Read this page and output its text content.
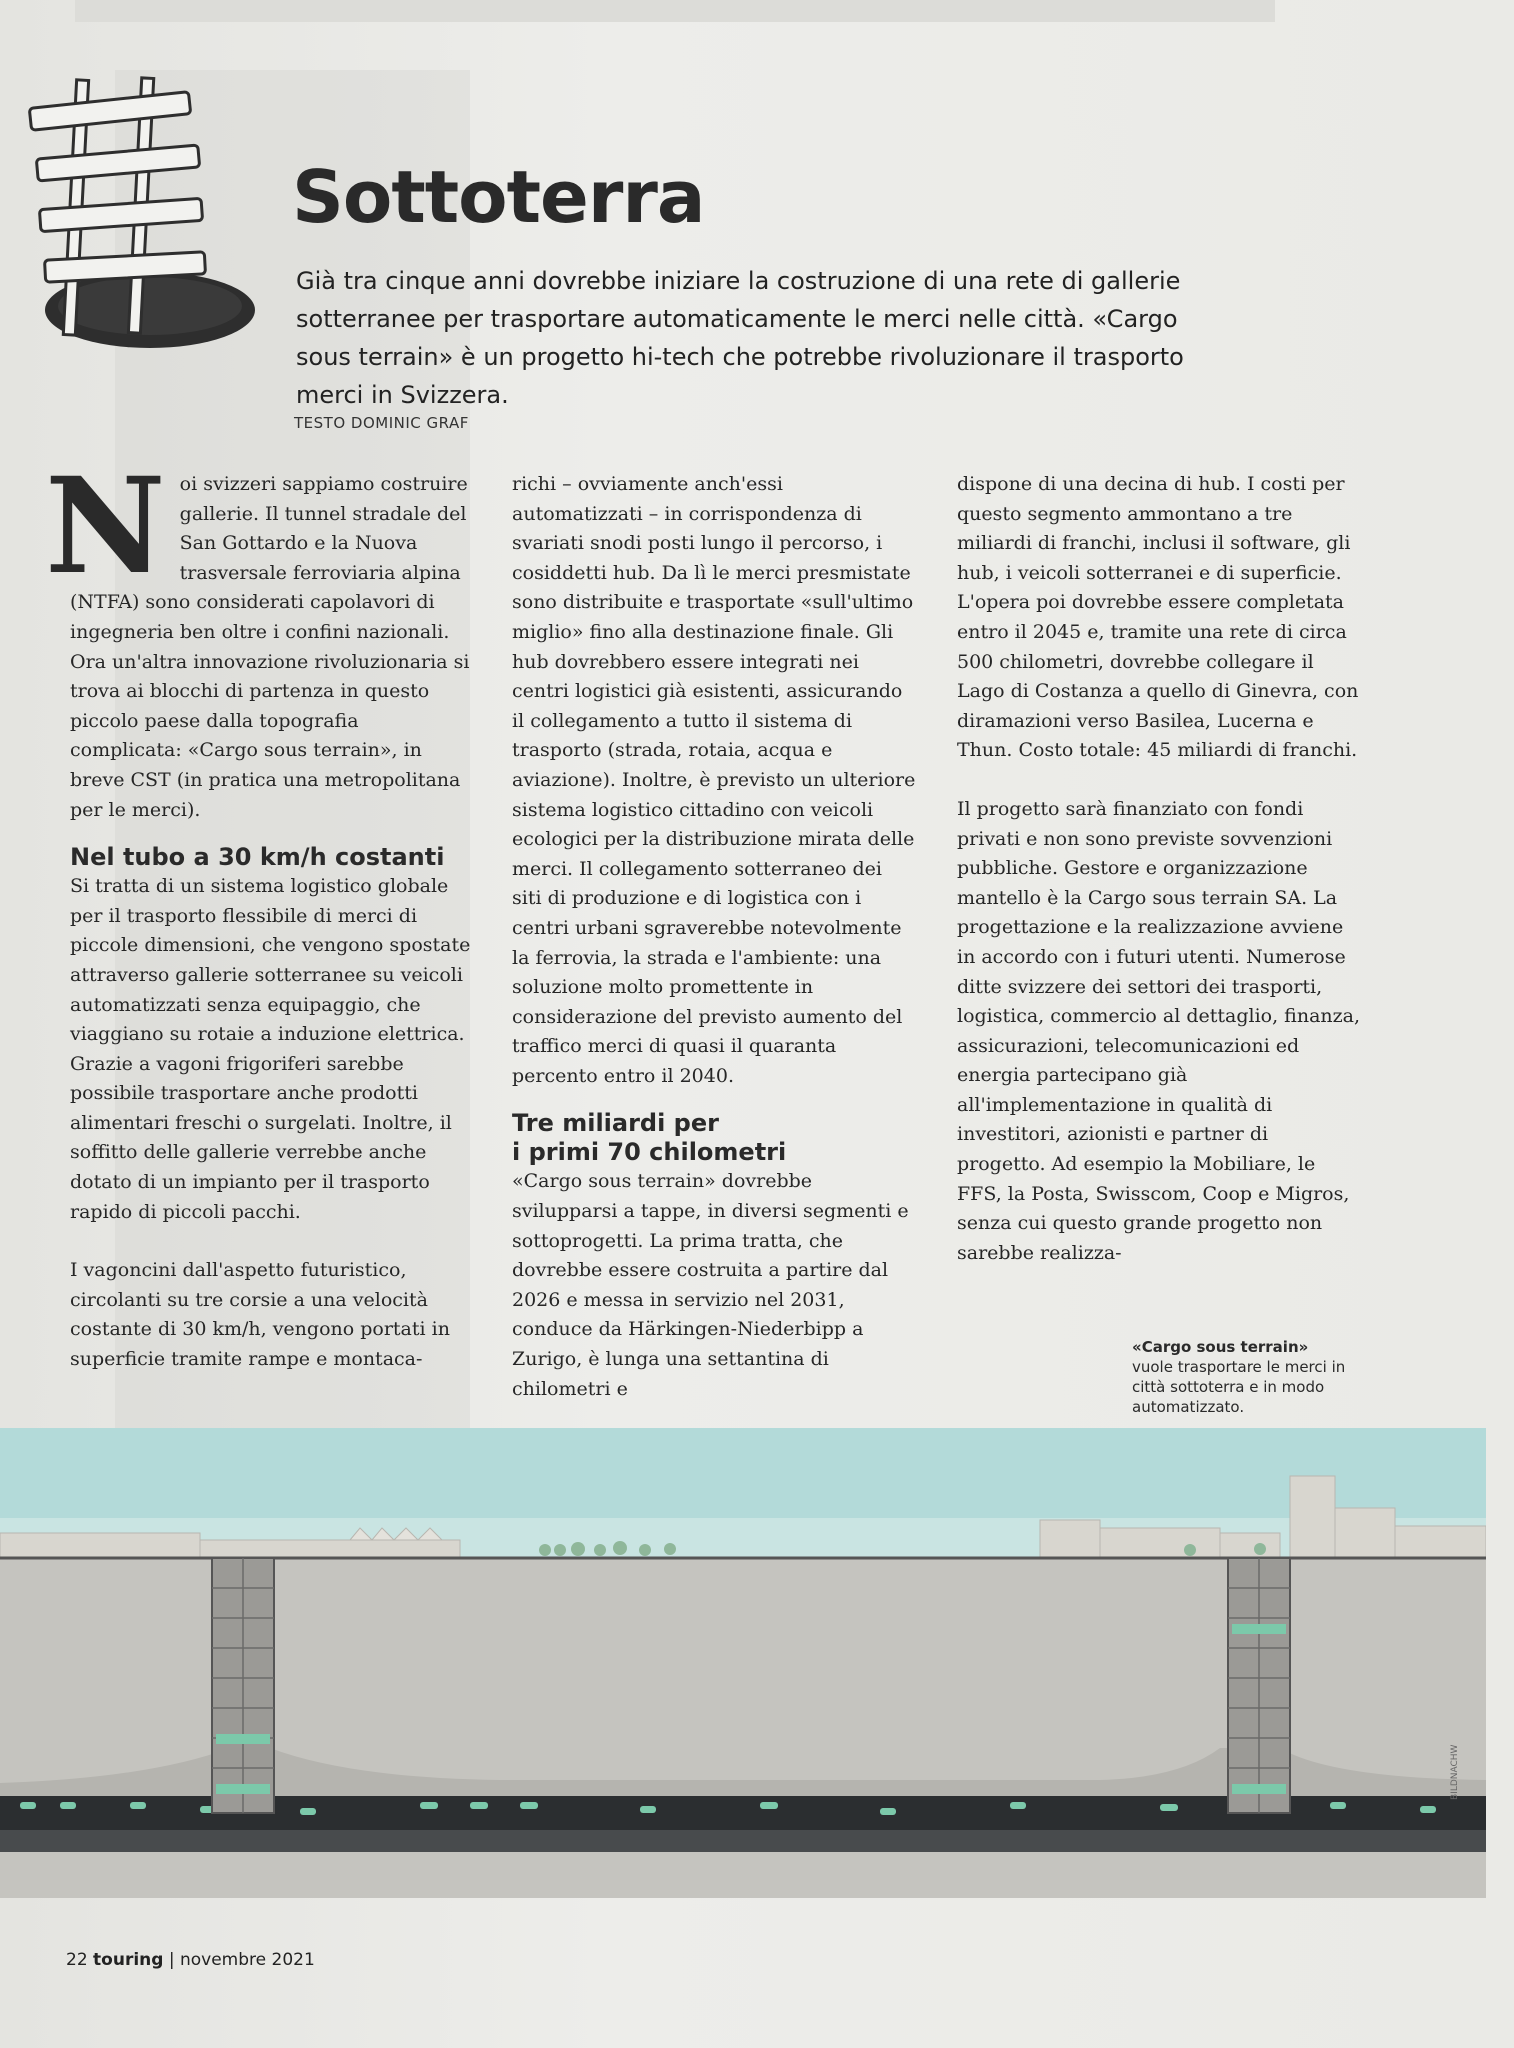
Sottoterra
Già tra cinque anni dovrebbe iniziare la costruzione di una rete di gallerie sotterranee per trasportare automaticamente le merci nelle città. «Cargo sous terrain» è un progetto hi-tech che potrebbe rivoluzionare il trasporto merci in Svizzera.
TESTO DOMINIC GRAF

Noi svizzeri sappiamo costruire gallerie. Il tunnel stradale del San Gottardo e la Nuova trasversale ferroviaria alpina (NTFA) sono considerati capolavori di ingegneria ben oltre i confini nazionali. Ora un'altra innovazione rivoluzionaria si trova ai blocchi di partenza in questo piccolo paese dalla topografia complicata: «Cargo sous terrain», in breve CST (in pratica una metropolitana per le merci).

Nel tubo a 30 km/h costanti

Si tratta di un sistema logistico globale per il trasporto flessibile di merci di piccole dimensioni, che vengono spostate attraverso gallerie sotterranee su veicoli automatizzati senza equipaggio, che viaggiano su rotaie a induzione elettrica. Grazie a vagoni frigoriferi sarebbe possibile trasportare anche prodotti alimentari freschi o surgelati. Inoltre, il soffitto delle gallerie verrebbe anche dotato di un impianto per il trasporto rapido di piccoli pacchi.

I vagoncini dall'aspetto futuristico, circolanti su tre corsie a una velocità costante di 30 km/h, vengono portati in superficie tramite rampe e montaca-

richi – ovviamente anch'essi automatizzati – in corrispondenza di svariati snodi posti lungo il percorso, i cosiddetti hub. Da lì le merci presmistate sono distribuite e trasportate «sull'ultimo miglio» fino alla destinazione finale. Gli hub dovrebbero essere integrati nei centri logistici già esistenti, assicurando il collegamento a tutto il sistema di trasporto (strada, rotaia, acqua e aviazione). Inoltre, è previsto un ulteriore sistema logistico cittadino con veicoli ecologici per la distribuzione mirata delle merci. Il collegamento sotterraneo dei siti di produzione e di logistica con i centri urbani sgraverebbe notevolmente la ferrovia, la strada e l'ambiente: una soluzione molto promettente in considerazione del previsto aumento del traffico merci di quasi il quaranta percento entro il 2040.

Tre miliardi per
i primi 70 chilometri

«Cargo sous terrain» dovrebbe svilupparsi a tappe, in diversi segmenti e sottoprogetti. La prima tratta, che dovrebbe essere costruita a partire dal 2026 e messa in servizio nel 2031, conduce da Härkingen-Niederbipp a Zurigo, è lunga una settantina di chilometri e

dispone di una decina di hub. I costi per questo segmento ammontano a tre miliardi di franchi, inclusi il software, gli hub, i veicoli sotterranei e di superficie. L'opera poi dovrebbe essere completata entro il 2045 e, tramite una rete di circa 500 chilometri, dovrebbe collegare il Lago di Costanza a quello di Ginevra, con diramazioni verso Basilea, Lucerna e Thun. Costo totale: 45 miliardi di franchi.

Il progetto sarà finanziato con fondi privati e non sono previste sovvenzioni pubbliche. Gestore e organizzazione mantello è la Cargo sous terrain SA. La progettazione e la realizzazione avviene in accordo con i futuri utenti. Numerose ditte svizzere dei settori dei trasporti, logistica, commercio al dettaglio, finanza, assicurazioni, telecomunicazioni ed energia partecipano già all'implementazione in qualità di investitori, azionisti e partner di progetto. Ad esempio la Mobiliare, le FFS, la Posta, Swisscom, Coop e Migros, senza cui questo grande progetto non sarebbe realizza-

«Cargo sous terrain»
vuole trasportare le merci in città sottoterra e in modo automatizzato.
BILDNACHW
22 touring | novembre 2021
